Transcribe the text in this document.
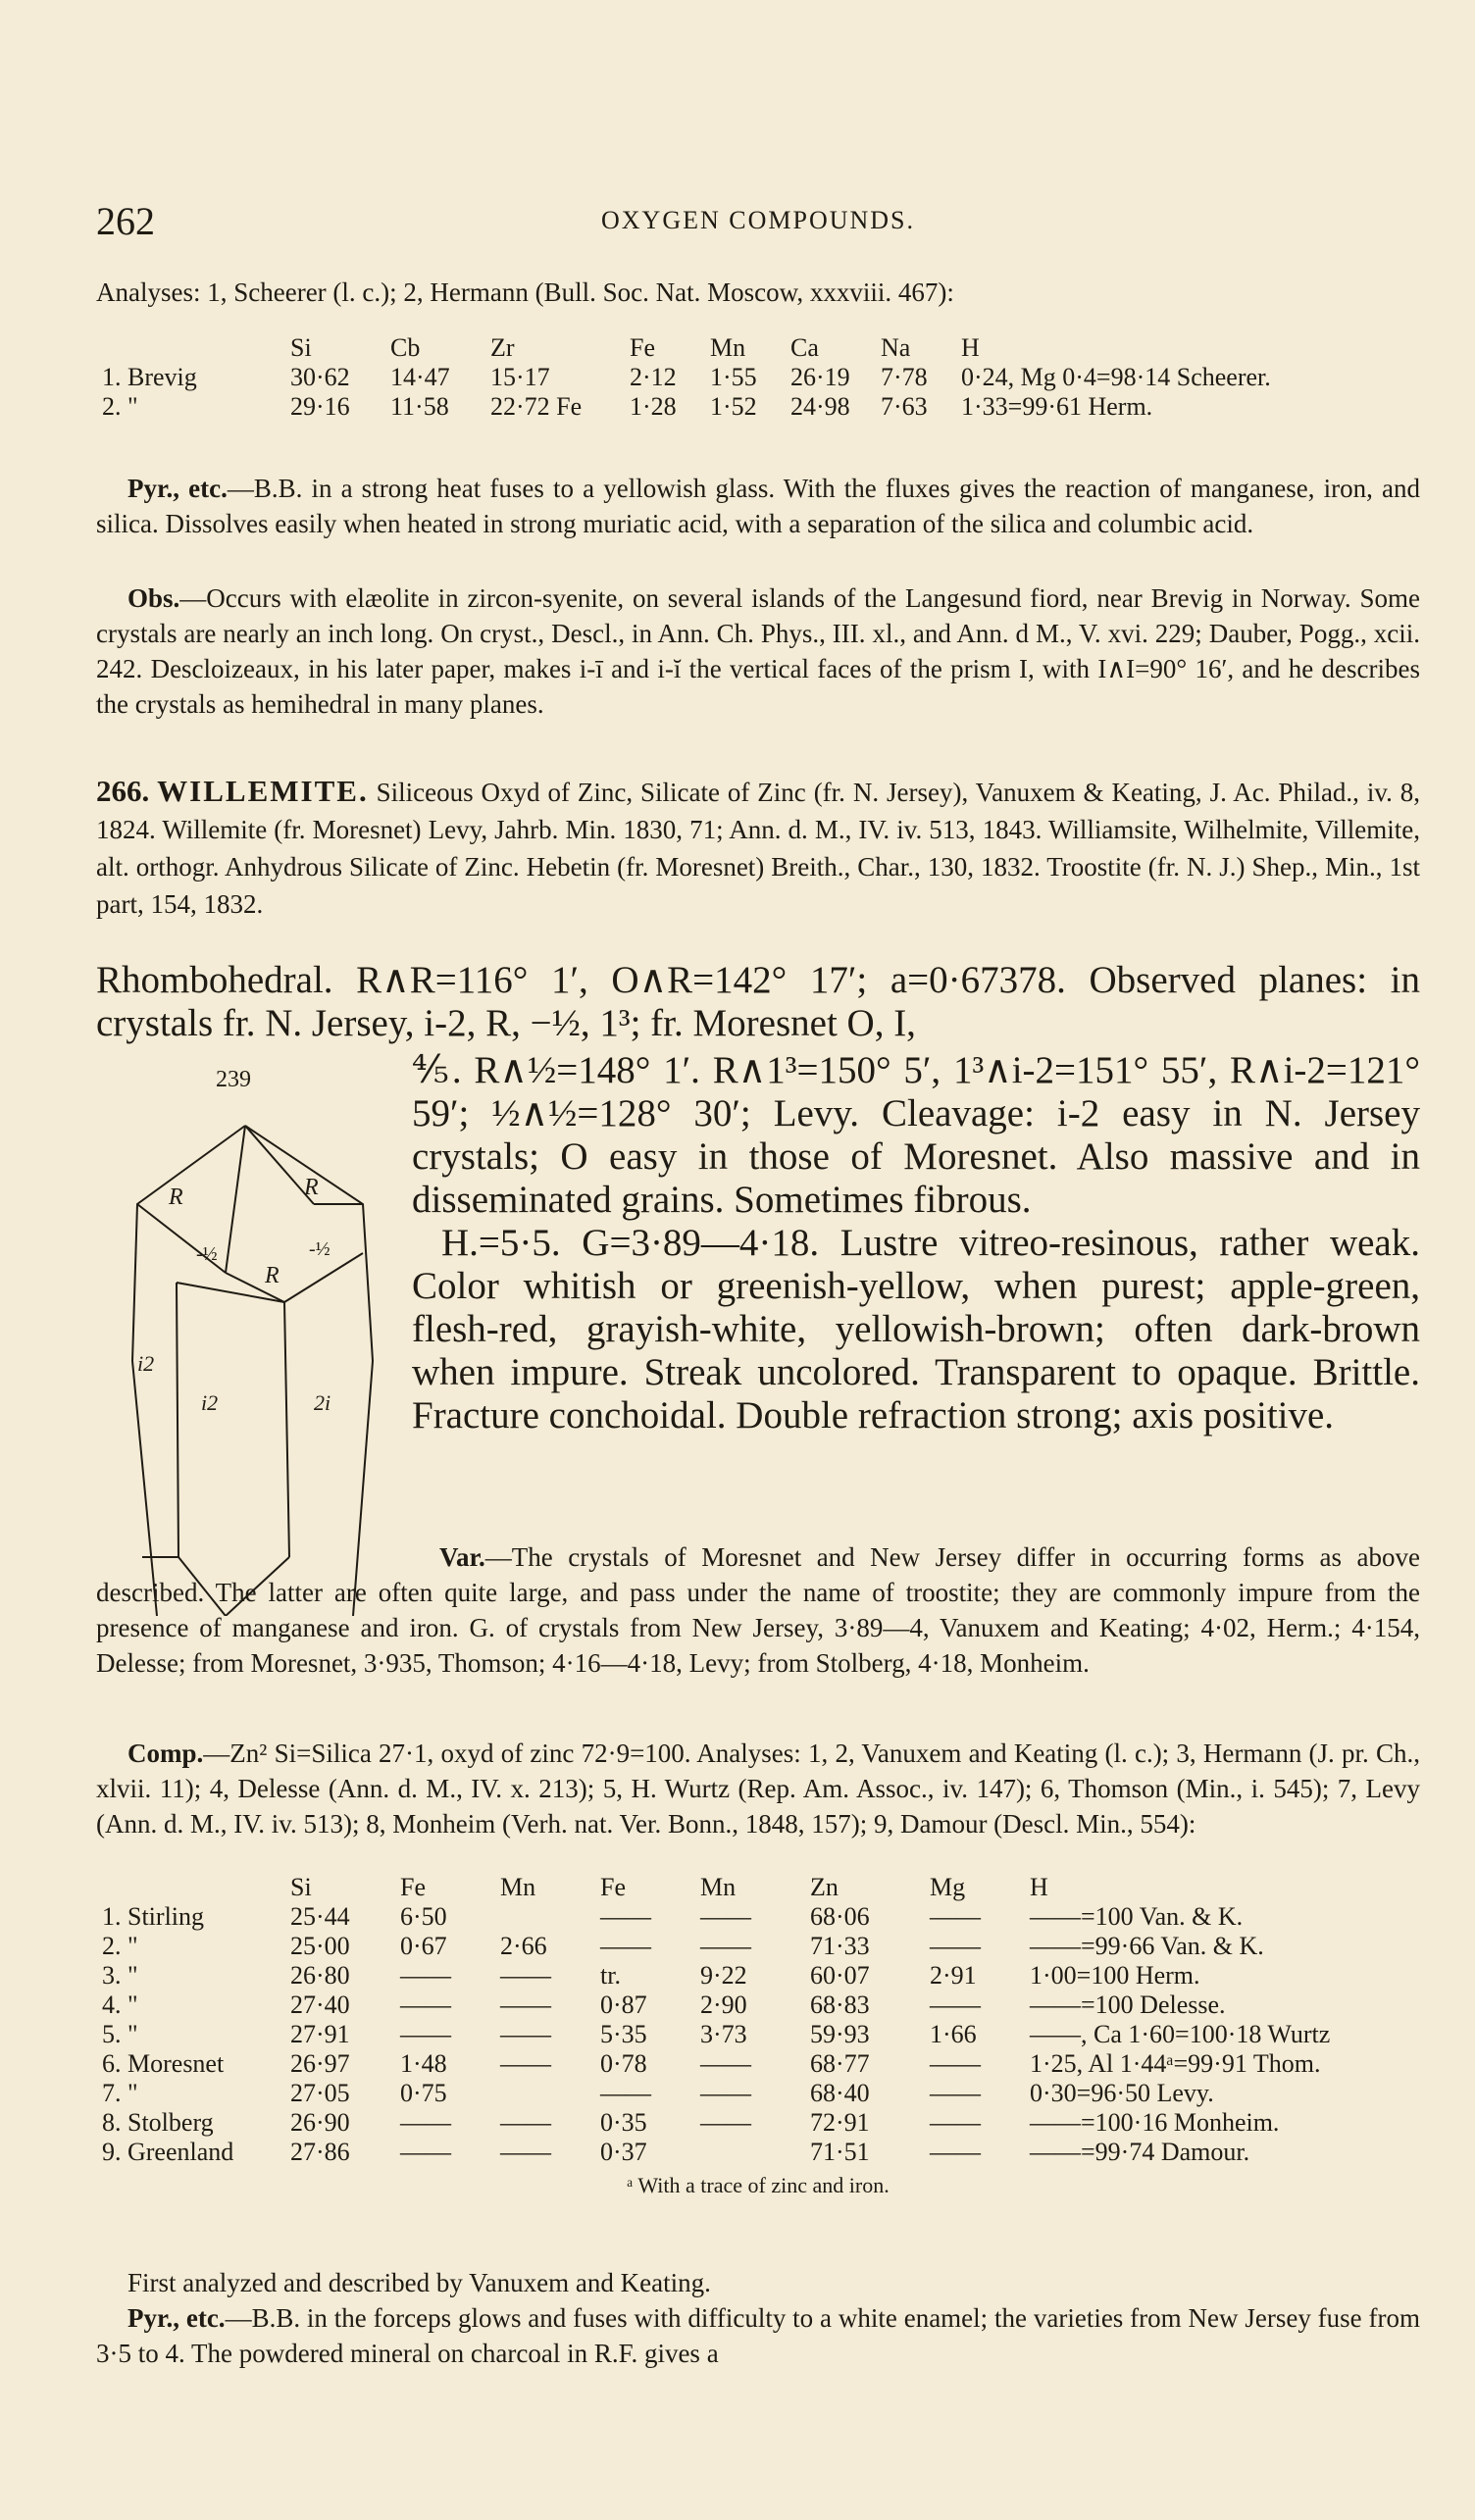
262	OXYGEN COMPOUNDS.
Analyses: 1, Scheerer (l. c.); 2, Hermann (Bull. Soc. Nat. Moscow, xxxviii. 467):
	Si	Cb	Zr	Fe	Mn	Ca	Na	H
1. Brevig	30·62	14·47	15·17	2·12	1·55	26·19	7·78	0·24, Mg 0·4=98·14 Scheerer.
2. "	29·16	11·58	22·72 Fe	1·28	1·52	24·98	7·63	1·33=99·61 Herm.

Pyr., etc.—B.B. in a strong heat fuses to a yellowish glass. With the fluxes gives the reaction of manganese, iron, and silica. Dissolves easily when heated in strong muriatic acid, with a separation of the silica and columbic acid.

Obs.—Occurs with elæolite in zircon-syenite, on several islands of the Langesund fiord, near Brevig in Norway. Some crystals are nearly an inch long. On cryst., Descl., in Ann. Ch. Phys., III. xl., and Ann. d M., V. xvi. 229; Dauber, Pogg., xcii. 242. Descloizeaux, in his later paper, makes i-ī and i-ĭ the vertical faces of the prism I, with I∧I=90° 16′, and he describes the crystals as hemihedral in many planes.

266. WILLEMITE. Siliceous Oxyd of Zinc, Silicate of Zinc (fr. N. Jersey), Vanuxem & Keating, J. Ac. Philad., iv. 8, 1824. Willemite (fr. Moresnet) Levy, Jahrb. Min. 1830, 71; Ann. d. M., IV. iv. 513, 1843. Williamsite, Wilhelmite, Villemite, alt. orthogr. Anhydrous Silicate of Zinc. Hebetin (fr. Moresnet) Breith., Char., 130, 1832. Troostite (fr. N. J.) Shep., Min., 1st part, 154, 1832.

Rhombohedral. R∧R=116° 1′, O∧R=142° 17′; a=0·67378. Observed planes: in crystals fr. N. Jersey, i-2, R, −½, 1³; fr. Moresnet O, I,

239
R	R
-½	-½
R
i2
i2	2i

⅘. R∧½=148° 1′. R∧1³=150° 5′, 1³∧i-2=151° 55′, R∧i-2=121° 59′; ½∧½=128° 30′; Levy. Cleavage: i-2 easy in N. Jersey crystals; O easy in those of Moresnet. Also massive and in disseminated grains. Sometimes fibrous.

H.=5·5. G=3·89—4·18. Lustre vitreo-resinous, rather weak. Color whitish or greenish-yellow, when purest; apple-green, flesh-red, grayish-white, yellowish-brown; often dark-brown when impure. Streak uncolored. Transparent to opaque. Brittle. Fracture conchoidal. Double refraction strong; axis positive.

Var.—The crystals of Moresnet and New Jersey differ in occurring forms as above described. The latter are often quite large, and pass under the name of troostite; they are commonly impure from the presence of manganese and iron. G. of crystals from New Jersey, 3·89—4, Vanuxem and Keating; 4·02, Herm.; 4·154, Delesse; from Moresnet, 3·935, Thomson; 4·16—4·18, Levy; from Stolberg, 4·18, Monheim.

Comp.—Zn² Si=Silica 27·1, oxyd of zinc 72·9=100. Analyses: 1, 2, Vanuxem and Keating (l. c.); 3, Hermann (J. pr. Ch., xlvii. 11); 4, Delesse (Ann. d. M., IV. x. 213); 5, H. Wurtz (Rep. Am. Assoc., iv. 147); 6, Thomson (Min., i. 545); 7, Levy (Ann. d. M., IV. iv. 513); 8, Monheim (Verh. nat. Ver. Bonn., 1848, 157); 9, Damour (Descl. Min., 554):

	Si	Fe	Mn	Fe	Mn	Zn	Mg	H
1. Stirling	25·44	6·50		——	——	68·06	——	——=100 Van. & K.
2. "	25·00	0·67	2·66	——	——	71·33	——	——=99·66 Van. & K.
3. "	26·80	——	——	tr.	9·22	60·07	2·91	1·00=100 Herm.
4. "	27·40	——	——	0·87	2·90	68·83	——	——=100 Delesse.
5. "	27·91	——	——	5·35	3·73	59·93	1·66	——, Ca 1·60=100·18 Wurtz
6. Moresnet	26·97	1·48	——	0·78	——	68·77	——	1·25, Al 1·44ᵃ=99·91 Thom.
7. "	27·05	0·75		——	——	68·40	——	0·30=96·50 Levy.
8. Stolberg	26·90	——	——	0·35	——	72·91	——	——=100·16 Monheim.
9. Greenland	27·86	——	——	0·37		71·51	——	——=99·74 Damour.
ᵃ With a trace of zinc and iron.

First analyzed and described by Vanuxem and Keating.

Pyr., etc.—B.B. in the forceps glows and fuses with difficulty to a white enamel; the varieties from New Jersey fuse from 3·5 to 4. The powdered mineral on charcoal in R.F. gives a
